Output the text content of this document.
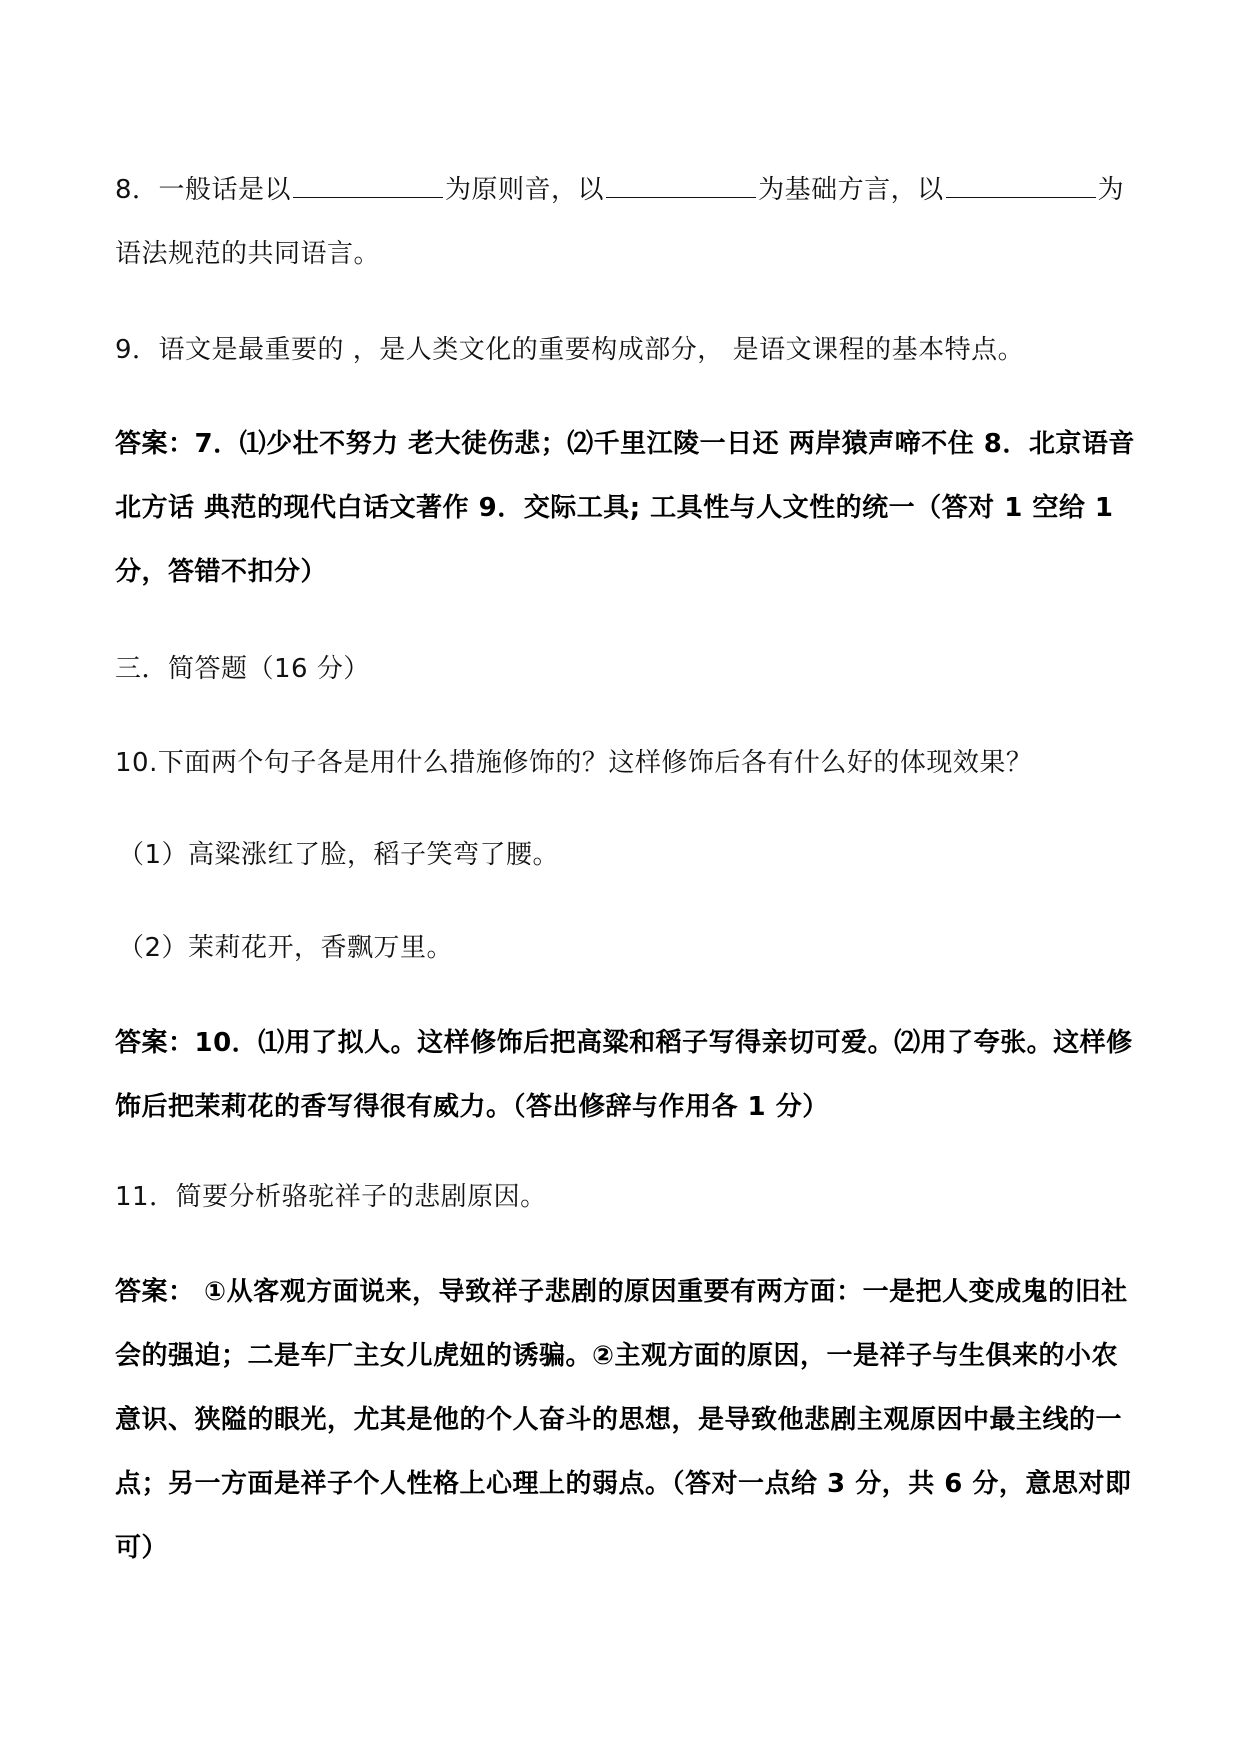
8．一般话是以	为原则音，以	为基础方言，以	为语法规范的共同语言。

9．语文是最重要的 ，是人类文化的重要构成部分， 是语文课程的基本特点。

答案：7．⑴少壮不努力 老大徒伤悲；⑵千里江陵一日还 两岸猿声啼不住 8．北京语音 北方话 典范的现代白话文著作 9．交际工具; 工具性与人文性的统一（答对 1 空给 1 分，答错不扣分）

三．简答题（16 分）

10.下面两个句子各是用什么措施修饰的？这样修饰后各有什么好的体现效果？

（1）高粱涨红了脸，稻子笑弯了腰。

（2）茉莉花开，香飘万里。

答案：10．⑴用了拟人。这样修饰后把高粱和稻子写得亲切可爱。⑵用了夸张。这样修饰后把茉莉花的香写得很有威力。（答出修辞与作用各 1 分）

11．简要分析骆驼祥子的悲剧原因。

答案： ①从客观方面说来，导致祥子悲剧的原因重要有两方面：一是把人变成鬼的旧社会的强迫；二是车厂主女儿虎妞的诱骗。②主观方面的原因，一是祥子与生俱来的小农意识、狭隘的眼光，尤其是他的个人奋斗的思想，是导致他悲剧主观原因中最主线的一点；另一方面是祥子个人性格上心理上的弱点。（答对一点给 3 分，共 6 分，意思对即可）
